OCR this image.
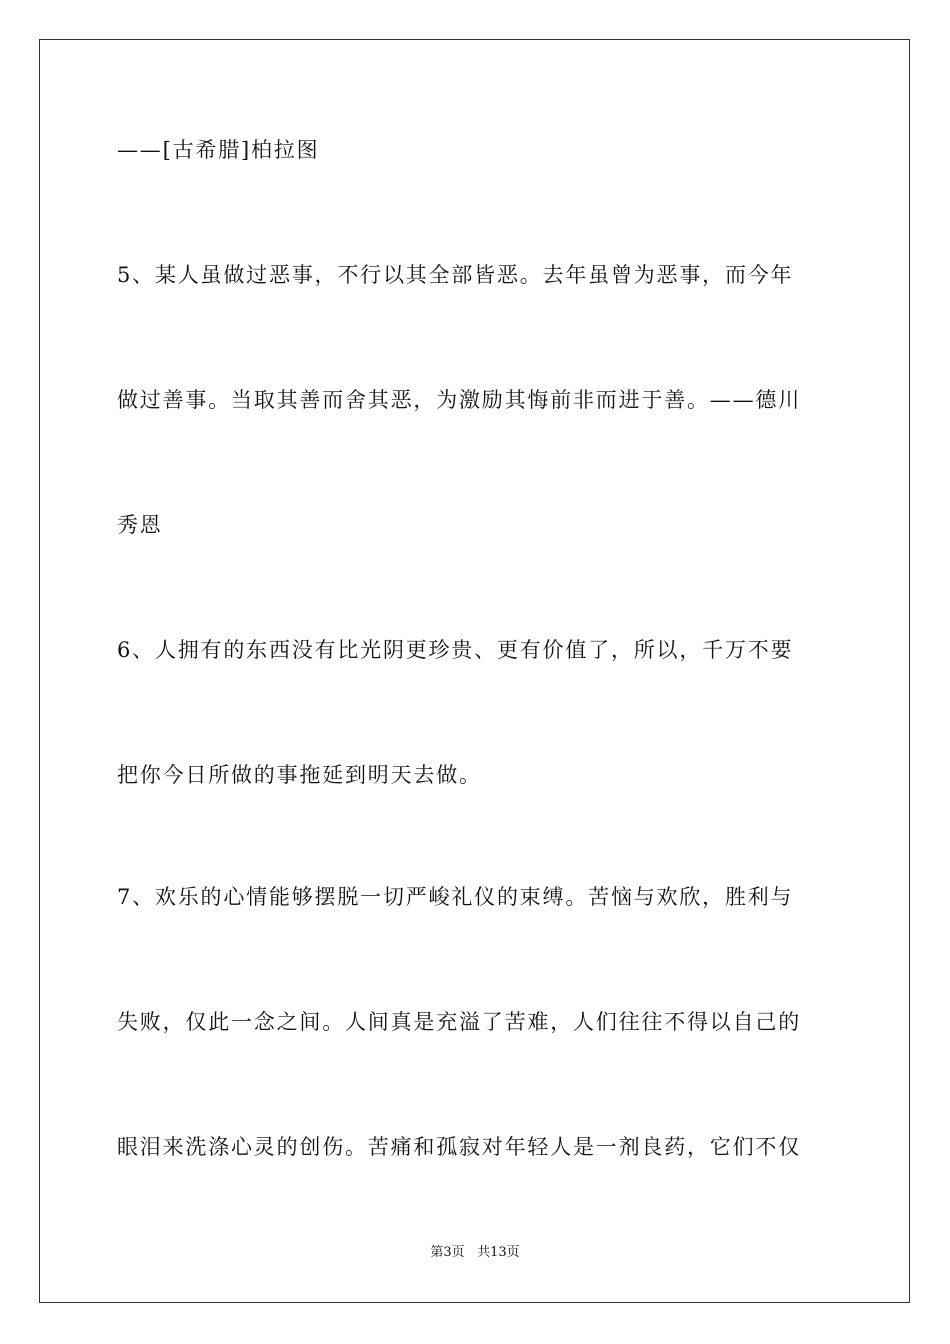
——[古希腊]柏拉图
5、某人虽做过恶事，不行以其全部皆恶。去年虽曾为恶事，而今年
做过善事。当取其善而舍其恶，为激励其悔前非而进于善。——德川
秀恩
6、人拥有的东西没有比光阴更珍贵、更有价值了，所以，千万不要
把你今日所做的事拖延到明天去做。
7、欢乐的心情能够摆脱一切严峻礼仪的束缚。苦恼与欢欣，胜利与
失败，仅此一念之间。人间真是充溢了苦难，人们往往不得以自己的
眼泪来洗涤心灵的创伤。苦痛和孤寂对年轻人是一剂良药，它们不仅
第3页 共13页
